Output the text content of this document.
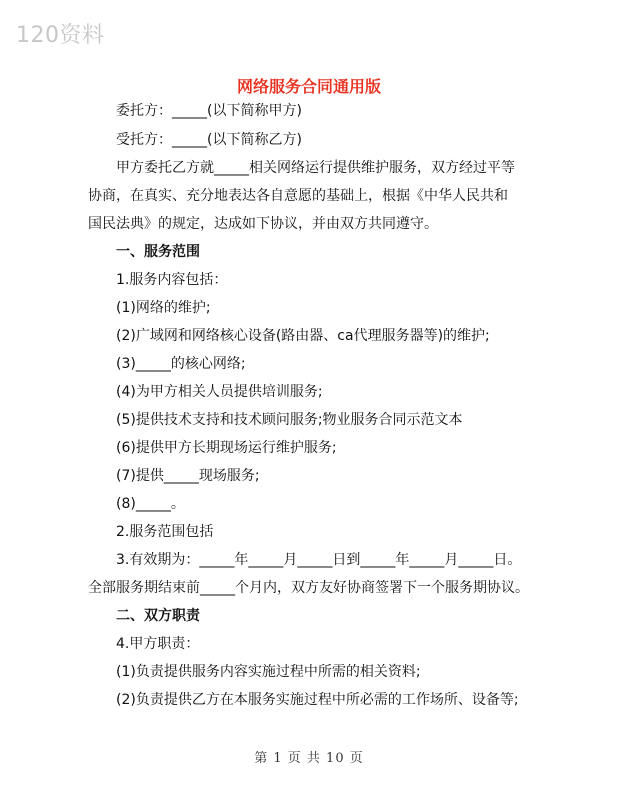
120资料
网络服务合同通用版
委托方：_____(以下简称甲方)
受托方：_____(以下简称乙方)
甲方委托乙方就_____相关网络运行提供维护服务，双方经过平等
协商，在真实、充分地表达各自意愿的基础上，根据《中华人民共和
国民法典》的规定，达成如下协议，并由双方共同遵守。
一、服务范围
1.服务内容包括：
(1)网络的维护;
(2)广域网和网络核心设备(路由器、ca代理服务器等)的维护;
(3)_____的核心网络;
(4)为甲方相关人员提供培训服务;
(5)提供技术支持和技术顾问服务;物业服务合同示范文本
(6)提供甲方长期现场运行维护服务;
(7)提供_____现场服务;
(8)_____。
2.服务范围包括
3.有效期为：_____年_____月_____日到_____年_____月_____日。
全部服务期结束前_____个月内，双方友好协商签署下一个服务期协议。
二、双方职责
4.甲方职责：
(1)负责提供服务内容实施过程中所需的相关资料;
(2)负责提供乙方在本服务实施过程中所必需的工作场所、设备等;
第 1 页 共 10 页
